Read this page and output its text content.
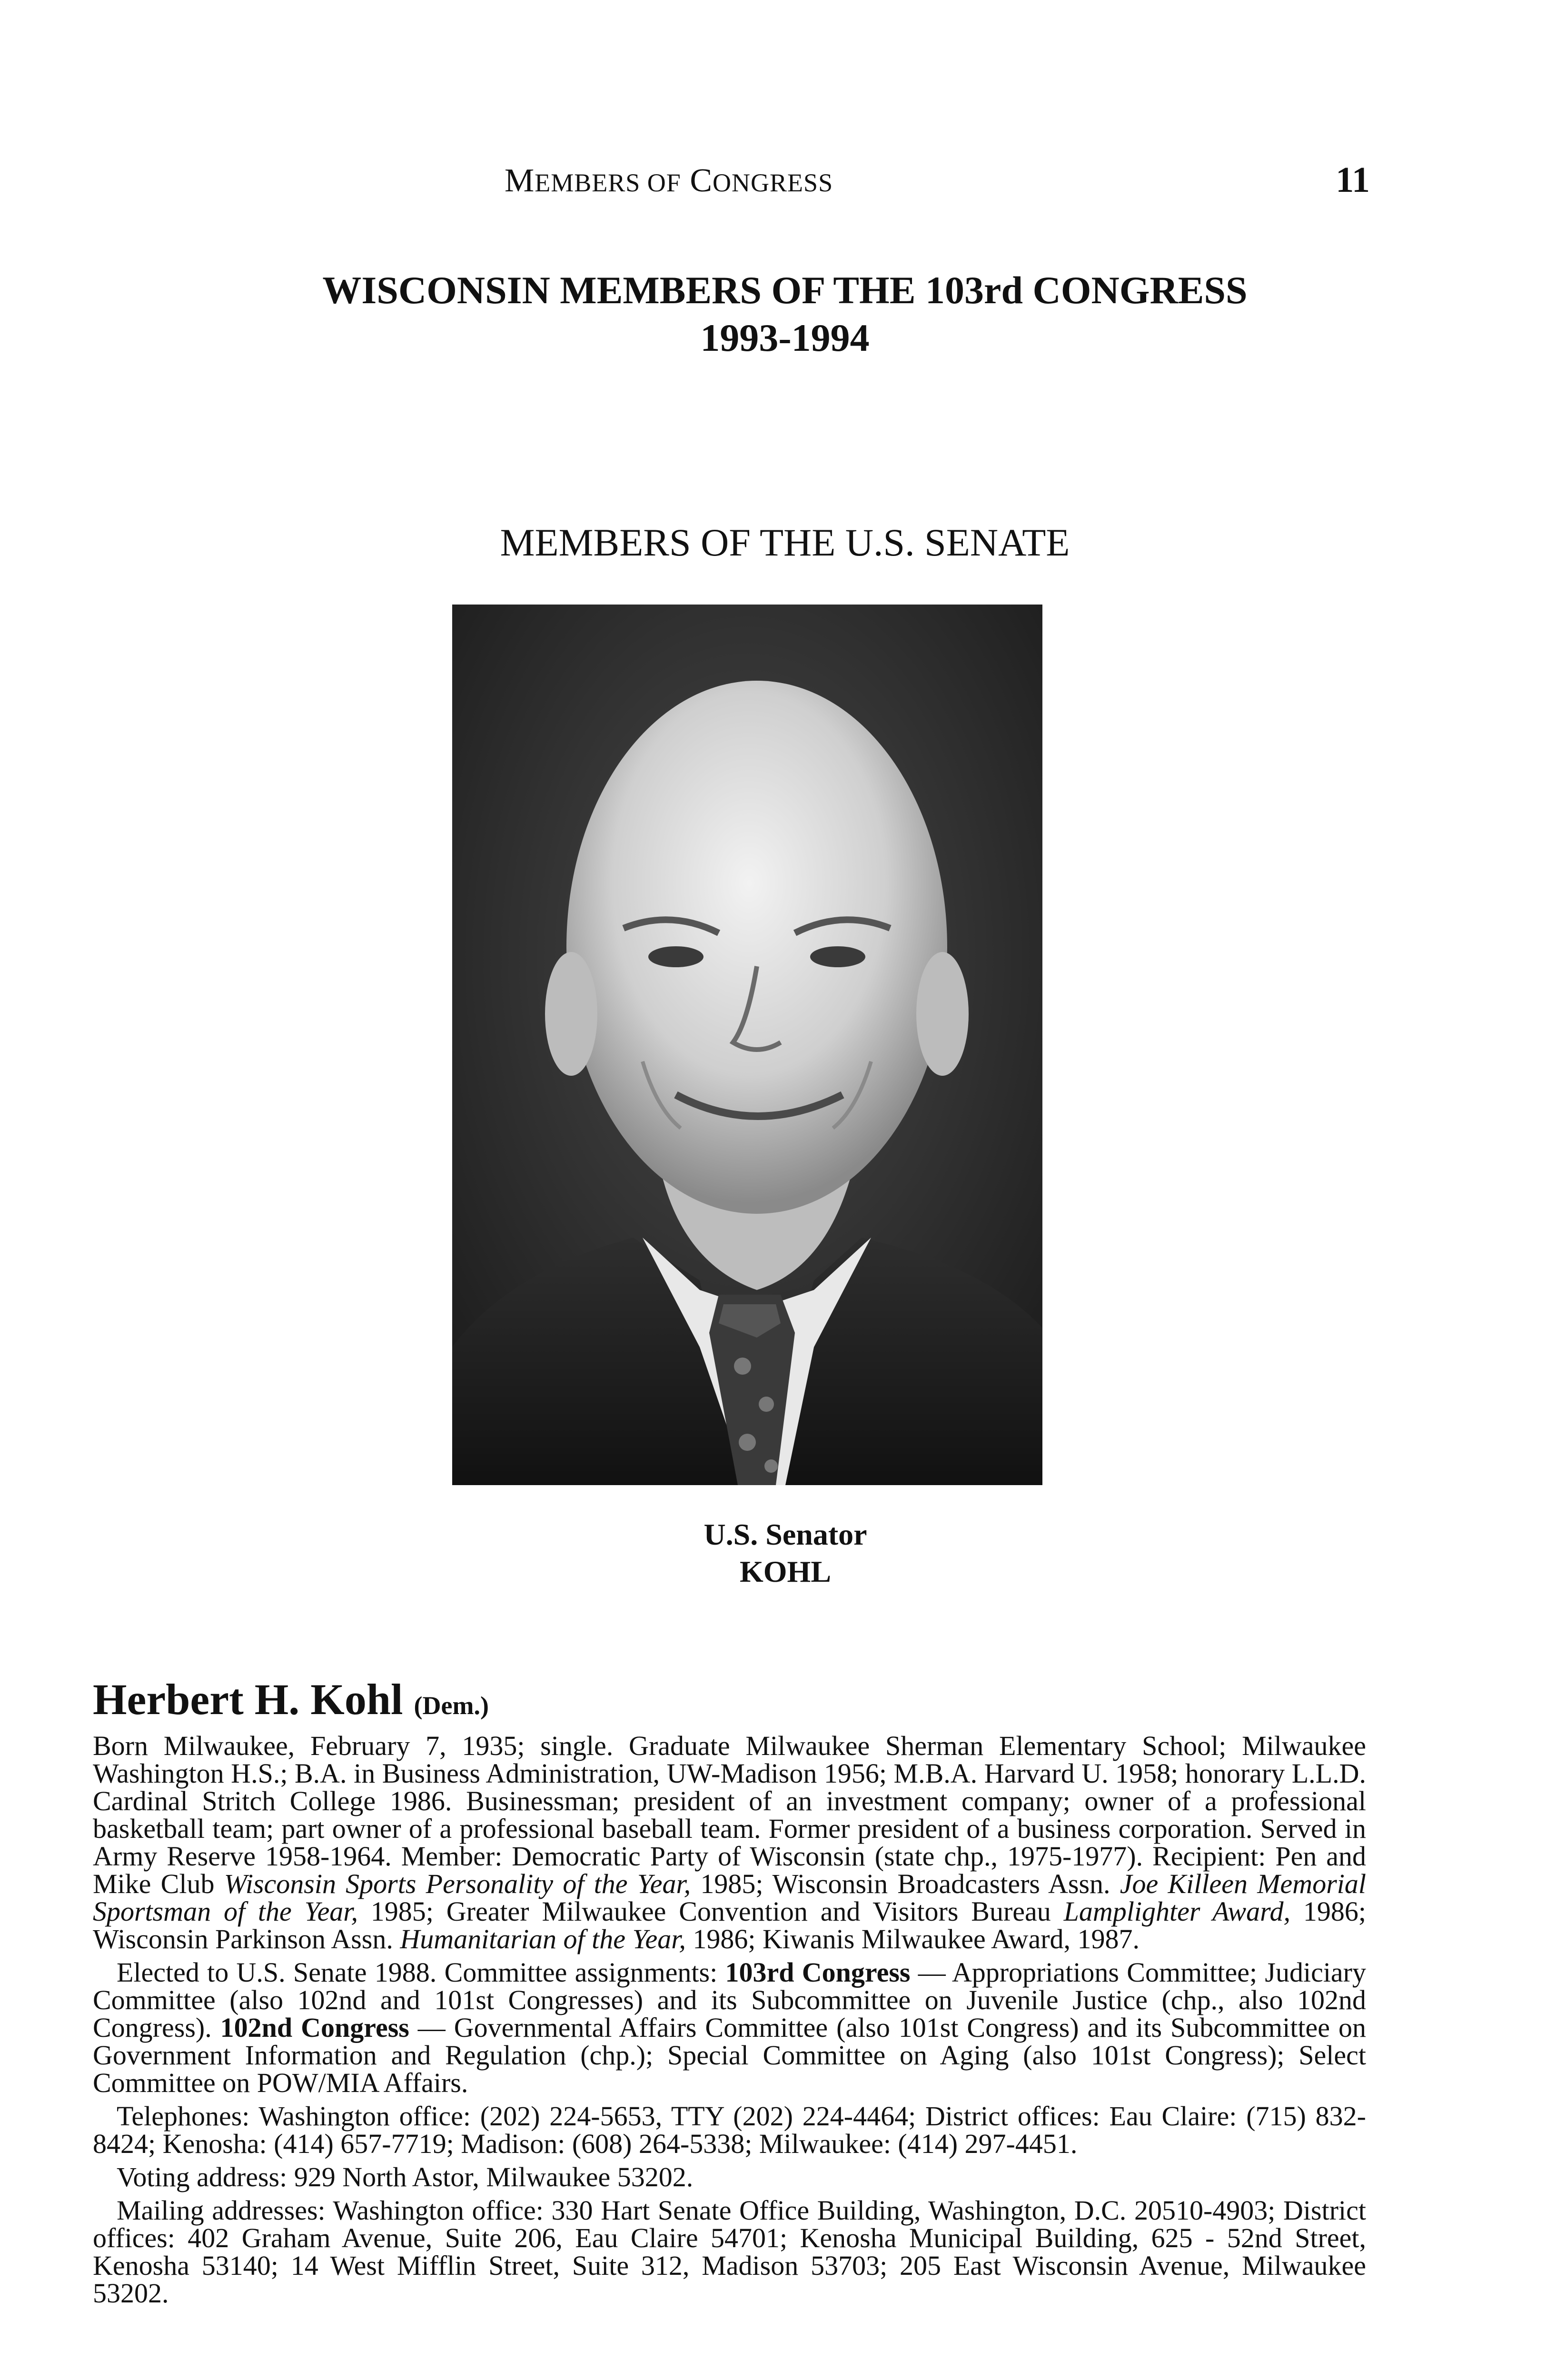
MEMBERS OF CONGRESS	11
WISCONSIN MEMBERS OF THE 103rd CONGRESS
1993-1994
MEMBERS OF THE U.S. SENATE
U.S. Senator
KOHL
Herbert H. Kohl (Dem.)

Born Milwaukee, February 7, 1935; single. Graduate Milwaukee Sherman Elementary School; Milwaukee Washington H.S.; B.A. in Business Administration, UW-Madison 1956; M.B.A. Harvard U. 1958; honorary L.L.D. Cardinal Stritch College 1986. Businessman; president of an investment company; owner of a professional basketball team; part owner of a professional baseball team. Former president of a business corporation. Served in Army Reserve 1958-1964. Member: Democratic Party of Wisconsin (state chp., 1975-1977). Recipient: Pen and Mike Club Wisconsin Sports Personality of the Year, 1985; Wisconsin Broadcasters Assn. Joe Killeen Memorial Sportsman of the Year, 1985; Greater Milwaukee Convention and Visitors Bureau Lamplighter Award, 1986; Wisconsin Parkinson Assn. Humanitarian of the Year, 1986; Kiwanis Milwaukee Award, 1987.

Elected to U.S. Senate 1988. Committee assignments: 103rd Congress — Appropriations Committee; Judiciary Committee (also 102nd and 101st Congresses) and its Subcommittee on Juvenile Justice (chp., also 102nd Congress). 102nd Congress — Governmental Affairs Committee (also 101st Congress) and its Subcommittee on Government Information and Regulation (chp.); Special Committee on Aging (also 101st Congress); Select Committee on POW/MIA Affairs.

Telephones: Washington office: (202) 224-5653, TTY (202) 224-4464; District offices: Eau Claire: (715) 832-8424; Kenosha: (414) 657-7719; Madison: (608) 264-5338; Milwaukee: (414) 297-4451.

Voting address: 929 North Astor, Milwaukee 53202.

Mailing addresses: Washington office: 330 Hart Senate Office Building, Washington, D.C. 20510-4903; District offices: 402 Graham Avenue, Suite 206, Eau Claire 54701; Kenosha Municipal Building, 625 - 52nd Street, Kenosha 53140; 14 West Mifflin Street, Suite 312, Madison 53703; 205 East Wisconsin Avenue, Milwaukee 53202.
